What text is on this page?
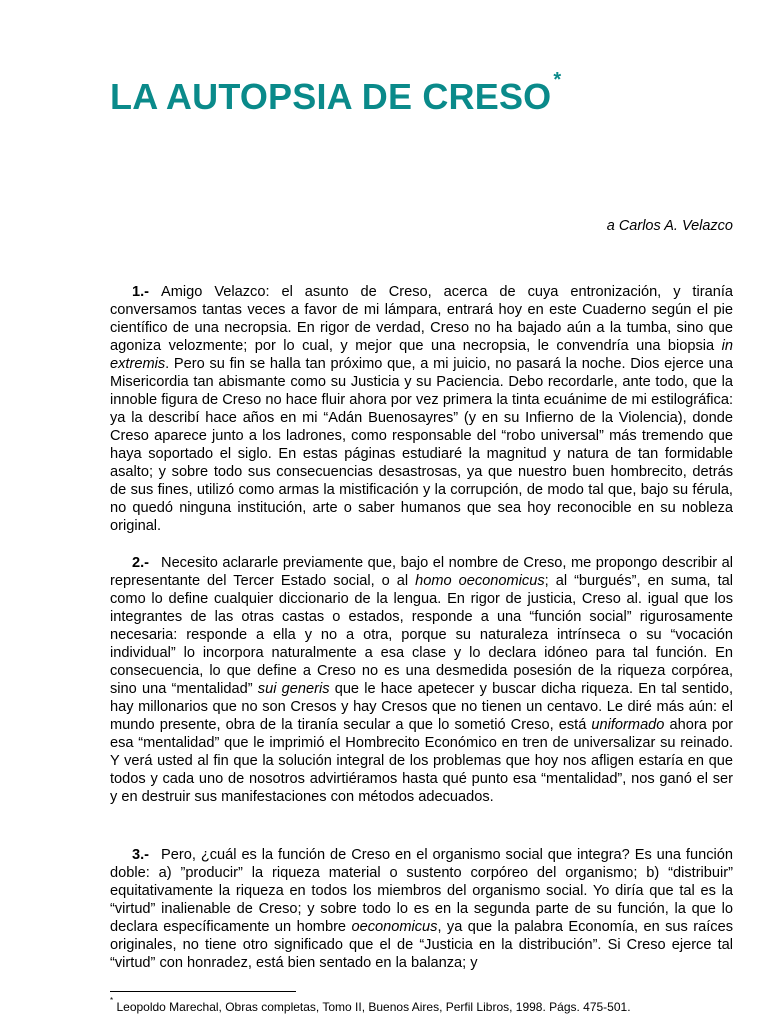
LA AUTOPSIA DE CRESO *

a Carlos A. Velazco

1.- Amigo Velazco: el asunto de Creso, acerca de cuya entronización, y tiranía conversamos tantas veces a favor de mi lámpara, entrará hoy en este Cuaderno según el pie científico de una necropsia. En rigor de verdad, Creso no ha bajado aún a la tumba, sino que agoniza velozmente; por lo cual, y mejor que una necropsia, le convendría una biopsia in extremis. Pero su fin se halla tan próximo que, a mi juicio, no pasará la noche. Dios ejerce una Misericordia tan abismante como su Justicia y su Paciencia. Debo recordarle, ante todo, que la innoble figura de Creso no hace fluir ahora por vez primera la tinta ecuánime de mi estilográfica: ya la describí hace años en mi “Adán Buenosayres” (y en su Infierno de la Violencia), donde Creso aparece junto a los ladrones, como responsable del “robo universal” más tremendo que haya soportado el siglo. En estas páginas estudiaré la magnitud y natura de tan formidable asalto; y sobre todo sus consecuencias desastrosas, ya que nuestro buen hombrecito, detrás de sus fines, utilizó como armas la mistificación y la corrupción, de modo tal que, bajo su férula, no quedó ninguna institución, arte o saber humanos que sea hoy reconocible en su nobleza original.

2.- Necesito aclararle previamente que, bajo el nombre de Creso, me propongo describir al representante del Tercer Estado social, o al homo oeconomicus; al “burgués”, en suma, tal como lo define cualquier diccionario de la lengua. En rigor de justicia, Creso al. igual que los integrantes de las otras castas o estados, responde a una “función social” rigurosamente necesaria: responde a ella y no a otra, porque su naturaleza intrínseca o su “vocación individual” lo incorpora naturalmente a esa clase y lo declara idóneo para tal función. En consecuencia, lo que define a Creso no es una desmedida posesión de la riqueza corpórea, sino una “mentalidad” sui generis que le hace apetecer y buscar dicha riqueza. En tal sentido, hay millonarios que no son Cresos y hay Cresos que no tienen un centavo. Le diré más aún: el mundo presente, obra de la tiranía secular a que lo sometió Creso, está uniformado ahora por esa “mentalidad” que le imprimió el Hombrecito Económico en tren de universalizar su reinado. Y verá usted al fin que la solución integral de los problemas que hoy nos afligen estaría en que todos y cada uno de nosotros advirtiéramos hasta qué punto esa “mentalidad”, nos ganó el ser y en destruir sus manifestaciones con métodos adecuados.

3.- Pero, ¿cuál es la función de Creso en el organismo social que integra? Es una función doble: a) ”producir” la riqueza material o sustento corpóreo del organismo; b) “distribuir” equitativamente la riqueza en todos los miembros del organismo social. Yo diría que tal es la “virtud” inalienable de Creso; y sobre todo lo es en la segunda parte de su función, la que lo declara específicamente un hombre oeconomicus, ya que la palabra Economía, en sus raíces originales, no tiene otro significado que el de “Justicia en la distribución”. Si Creso ejerce tal “virtud” con honradez, está bien sentado en la balanza; y

* Leopoldo Marechal, Obras completas, Tomo II, Buenos Aires, Perfil Libros, 1998. Págs. 475-501.
